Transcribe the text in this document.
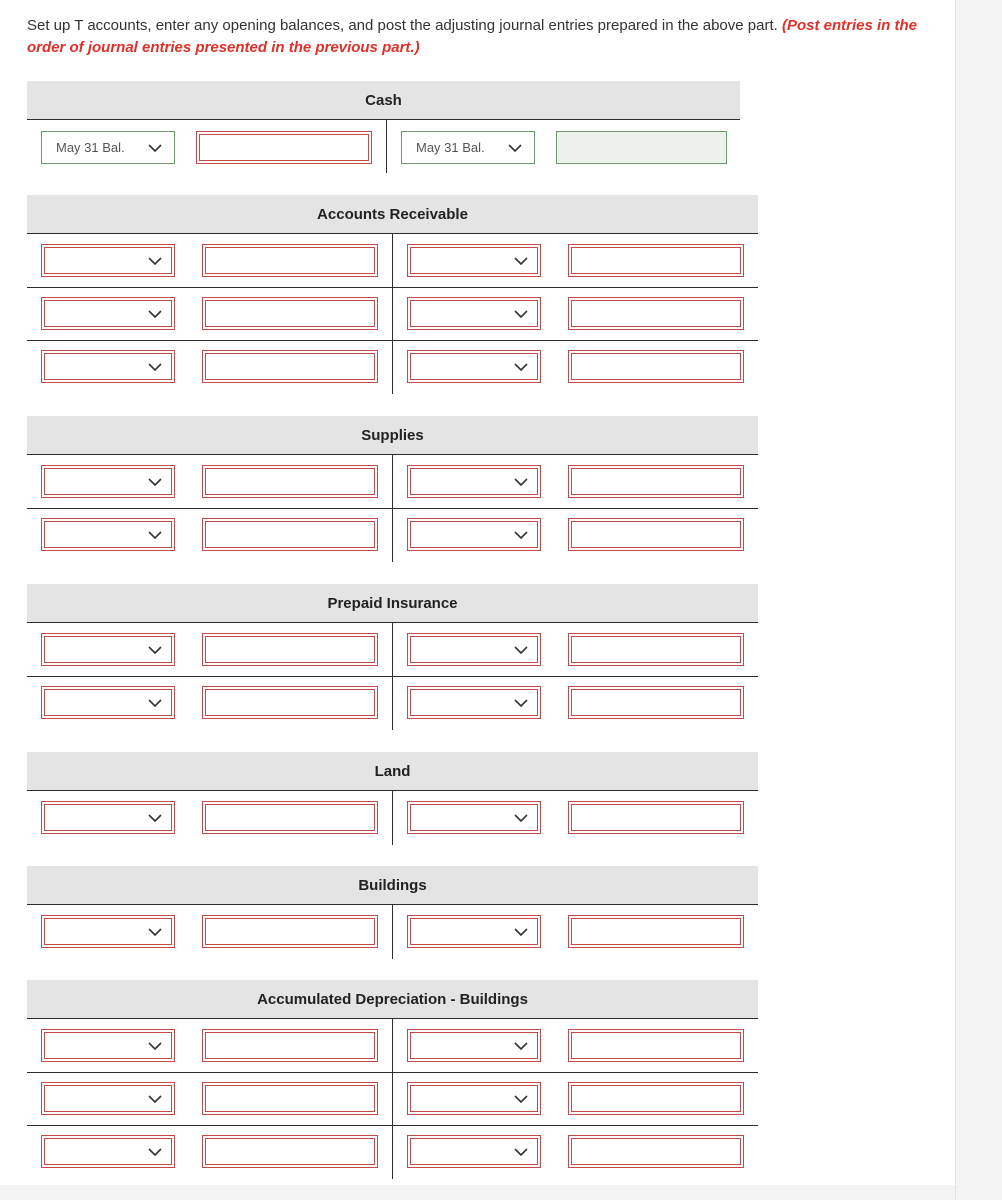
Set up T accounts, enter any opening balances, and post the adjusting journal entries prepared in the above part. (Post entries in the order of journal entries presented in the previous part.)
Cash
May 31 Bal.	May 31 Bal.
Accounts Receivable
Supplies
Prepaid Insurance
Land
Buildings
Accumulated Depreciation - Buildings
